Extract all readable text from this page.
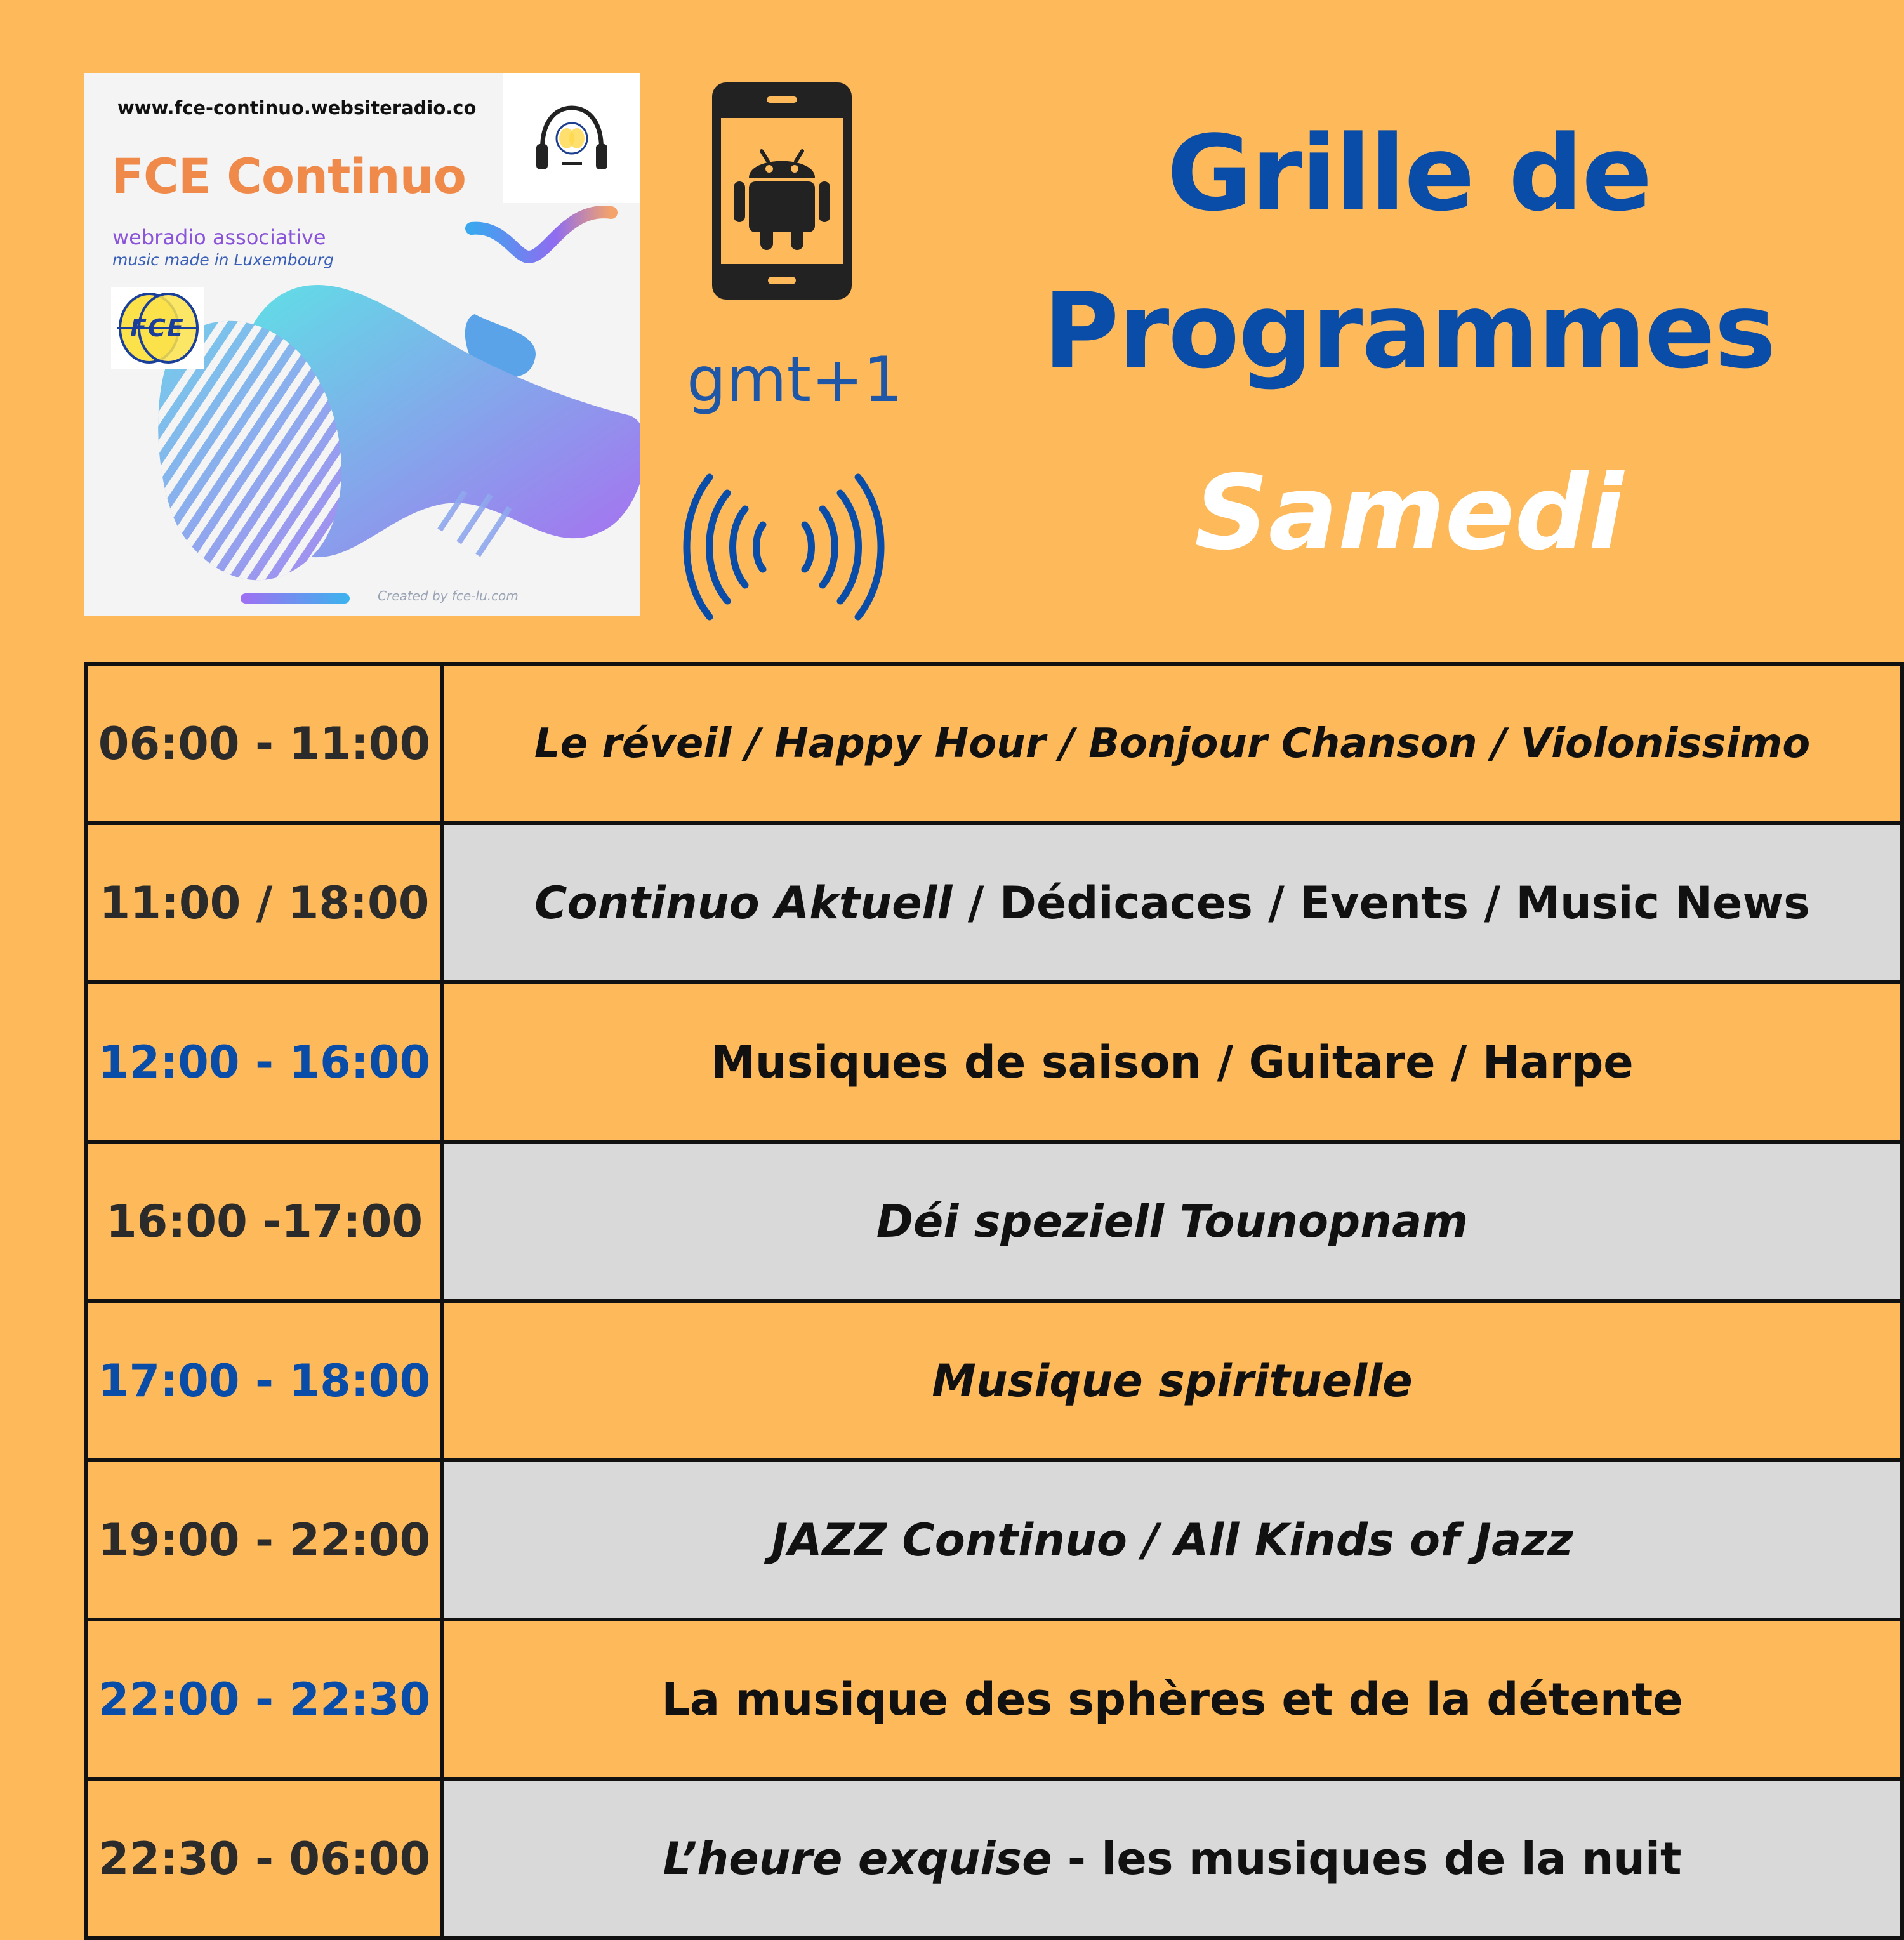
FCE
www.fce-continuo.websiteradio.co
FCE Continuo
webradio associative
music made in Luxembourg
Created by fce-lu.com
gmt+1
Grille de
Programmes
Samedi
06:00 - 11:00	Le réveil / Happy Hour / Bonjour Chanson / Violonissimo
11:00 / 18:00	Continuo Aktuell / Dédicaces / Events / Music News
12:00 - 16:00	Musiques de saison / Guitare / Harpe
16:00 -17:00	Déi speziell Tounopnam
17:00 - 18:00	Musique spirituelle
19:00 - 22:00	JAZZ Continuo / All Kinds of Jazz
22:00 - 22:30	La musique des sphères et de la détente
22:30 - 06:00	L’heure exquise - les musiques de la nuit
